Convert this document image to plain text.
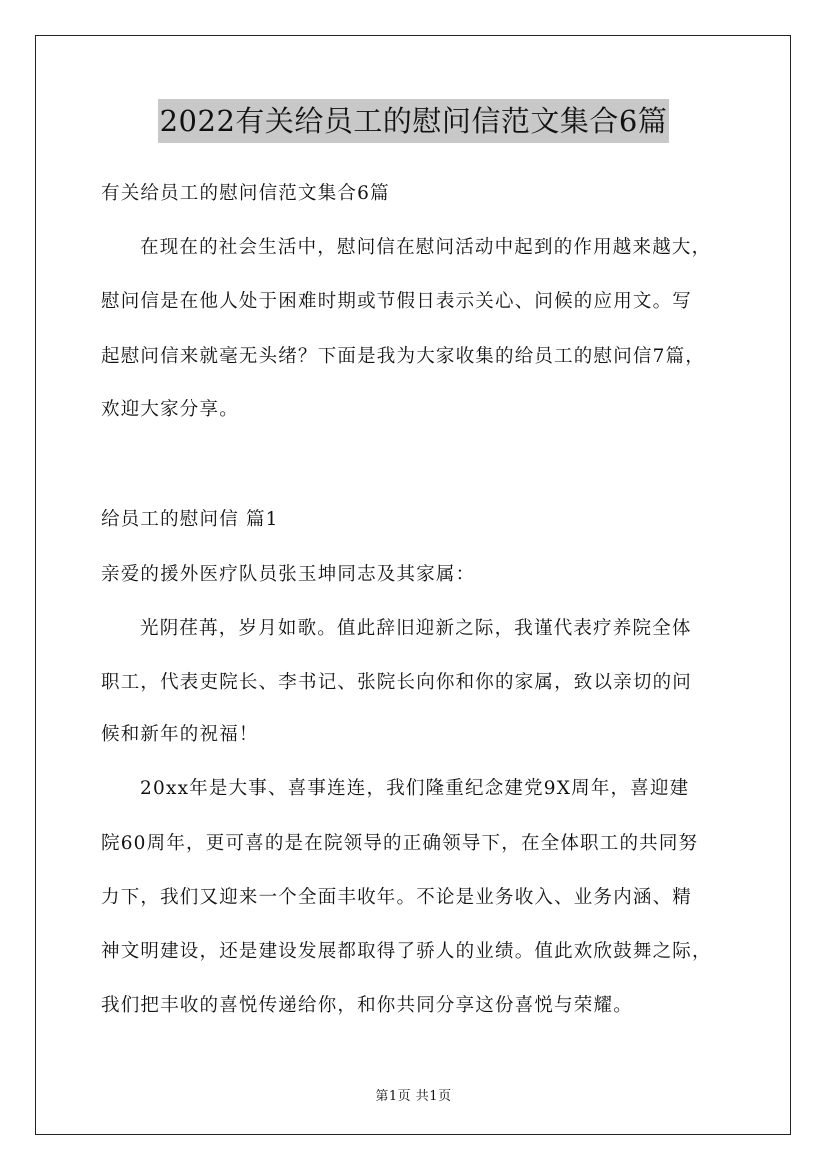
2022有关给员工的慰问信范文集合6篇
有关给员工的慰问信范文集合6篇
在现在的社会生活中，慰问信在慰问活动中起到的作用越来越大，
慰问信是在他人处于困难时期或节假日表示关心、问候的应用文。写
起慰问信来就毫无头绪？下面是我为大家收集的给员工的慰问信7篇，
欢迎大家分享。
给员工的慰问信 篇1
亲爱的援外医疗队员张玉坤同志及其家属：
光阴荏苒，岁月如歌。值此辞旧迎新之际，我谨代表疗养院全体
职工，代表吏院长、李书记、张院长向你和你的家属，致以亲切的问
候和新年的祝福！
20xx年是大事、喜事连连，我们隆重纪念建党9X周年，喜迎建
院60周年，更可喜的是在院领导的正确领导下，在全体职工的共同努
力下，我们又迎来一个全面丰收年。不论是业务收入、业务内涵、精
神文明建设，还是建设发展都取得了骄人的业绩。值此欢欣鼓舞之际，
我们把丰收的喜悦传递给你，和你共同分享这份喜悦与荣耀。
第1页 共1页
